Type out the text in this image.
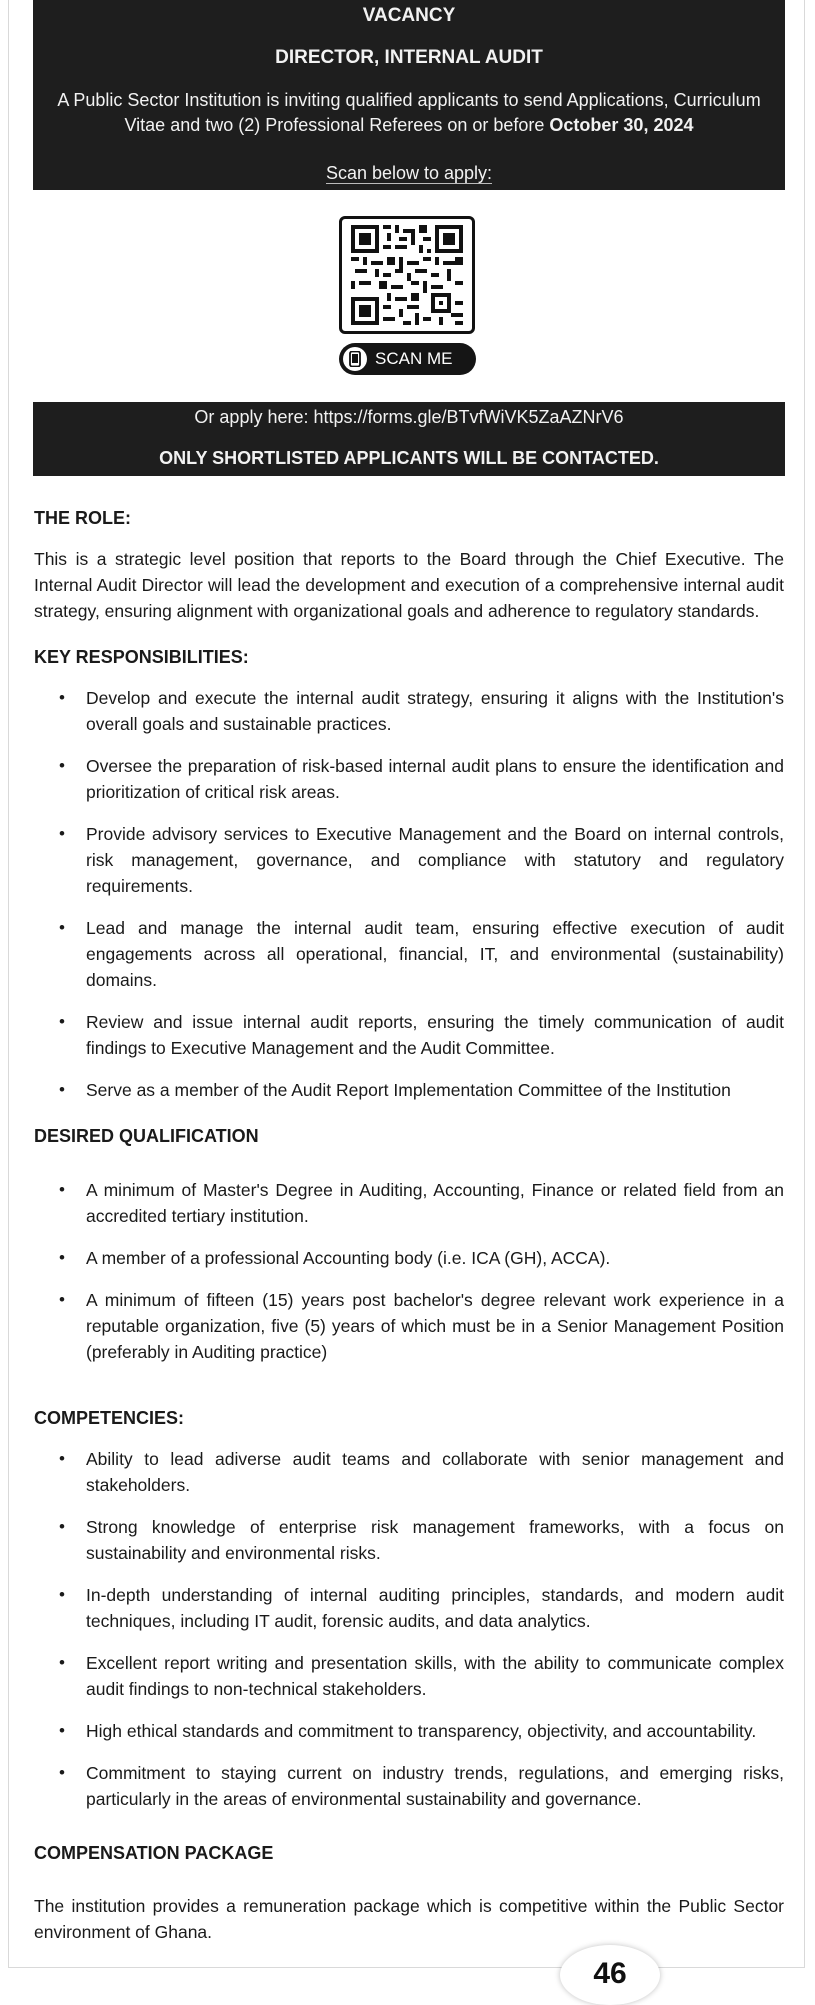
VACANCY
DIRECTOR, INTERNAL AUDIT
A Public Sector Institution is inviting qualified applicants to send Applications, Curriculum Vitae and two (2) Professional Referees on or before October 30, 2024
Scan below to apply:
SCAN ME
Or apply here: https://forms.gle/BTvfWiVK5ZaAZNrV6
ONLY SHORTLISTED APPLICANTS WILL BE CONTACTED.
THE ROLE:
This is a strategic level position that reports to the Board through the Chief Executive. The Internal Audit Director will lead the development and execution of a comprehensive internal audit strategy, ensuring alignment with organizational goals and adherence to regulatory standards.
KEY RESPONSIBILITIES:
• Develop and execute the internal audit strategy, ensuring it aligns with the Institution's overall goals and sustainable practices.
• Oversee the preparation of risk-based internal audit plans to ensure the identification and prioritization of critical risk areas.
• Provide advisory services to Executive Management and the Board on internal controls, risk management, governance, and compliance with statutory and regulatory requirements.
• Lead and manage the internal audit team, ensuring effective execution of audit engagements across all operational, financial, IT, and environmental (sustainability) domains.
• Review and issue internal audit reports, ensuring the timely communication of audit findings to Executive Management and the Audit Committee.
• Serve as a member of the Audit Report Implementation Committee of the Institution
DESIRED QUALIFICATION
• A minimum of Master's Degree in Auditing, Accounting, Finance or related field from an accredited tertiary institution.
• A member of a professional Accounting body (i.e. ICA (GH), ACCA).
• A minimum of fifteen (15) years post bachelor's degree relevant work experience in a reputable organization, five (5) years of which must be in a Senior Management Position (preferably in Auditing practice)
COMPETENCIES:
• Ability to lead adiverse audit teams and collaborate with senior management and stakeholders.
• Strong knowledge of enterprise risk management frameworks, with a focus on sustainability and environmental risks.
• In-depth understanding of internal auditing principles, standards, and modern audit techniques, including IT audit, forensic audits, and data analytics.
• Excellent report writing and presentation skills, with the ability to communicate complex audit findings to non-technical stakeholders.
• High ethical standards and commitment to transparency, objectivity, and accountability.
• Commitment to staying current on industry trends, regulations, and emerging risks, particularly in the areas of environmental sustainability and governance.
COMPENSATION PACKAGE
The institution provides a remuneration package which is competitive within the Public Sector environment of Ghana.
46
